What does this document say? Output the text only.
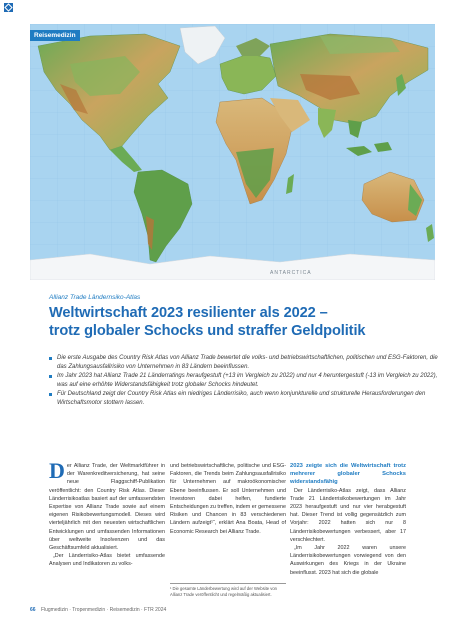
ANTARCTICA
Reisemedizin
Allianz Trade Ländernsiko-Atlas
Weltwirtschaft 2023 resilienter als 2022 –
trotz globaler Schocks und straffer Geldpolitik
Die erste Ausgabe des Country Risk Atlas von Allianz Trade bewertet die volks- und betriebswirtschaftlichen, politischen und ESG-Faktoren, die das Zahlungsausfallrisiko von Unternehmen in 83 Ländern beeinflussen.
Im Jahr 2023 hat Allianz Trade 21 Länderratings heraufgestuft (+13 im Vergleich zu 2022) und nur 4 heruntergestuft (-13 im Vergleich zu 2022), was auf eine erhöhte Widerstandsfähigkeit trotz globaler Schocks hindeutet.
Für Deutschland zeigt der Country Risk Atlas ein niedriges Länderrisiko, auch wenn konjunkturelle und strukturelle Herausforderungen den Wirtschaftsmotor stottern lassen.

Der Allianz Trade, der Weltmarktführer in der Warenkreditversicherung, hat seine neue Flaggschiff-Publikation veröffentlicht: den Country Risk Atlas. Dieser Länderrisikoatlas basiert auf der umfassendsten Expertise von Allianz Trade sowie auf einem eigenen Risikobewertungsmodell. Dieses wird vierteljährlich mit den neuesten wirtschaftlichen Entwicklungen und umfassenden Informationen über weltweite Insolvenzen und das Geschäftsumfeld aktualisiert.

„Der Länderrisiko-Atlas bietet umfassende Analysen und Indikatoren zu volks-

und betriebswirtschaftliche, politische und ESG-Faktoren, die Trends beim Zahlungsausfallrisiko für Unternehmen auf makroökonomischer Ebene beeinflussen. Er soll Unternehmen und Investoren dabei helfen, fundierte Entscheidungen zu treffen, indem er gemessene Risiken und Chancen in 83 verschiedenen Ländern aufzeigt¹“, erklärt Ana Boata, Head of Economic Research bei Allianz Trade.

¹ Die gesamte Länderbewertung wird auf der Website von Allianz Trade veröffentlicht und regelmäßig aktualisiert.

2023 zeigte sich die Weltwirtschaft trotz mehrerer globaler Schocks widerstandsfähig

Der Länderrisiko-Atlas zeigt, dass Allianz Trade 21 Länderrisikobewertungen im Jahr 2023 heraufgestuft und nur vier herabgestuft hat. Dieser Trend ist vollig gegensätzlich zum Vorjahr: 2022 hatten sich nur 8 Länderrisikobewertungen verbessert, aber 17 verschlechtert.

„Im Jahr 2022 waren unsere Länderrisikobewertungen vorwiegend von den Auswirkungen des Kriegs in der Ukraine beeinflusst. 2023 hat sich die globale

66 Flugmedizin · Tropenmedizin · Reisemedizin · FTR 2024
